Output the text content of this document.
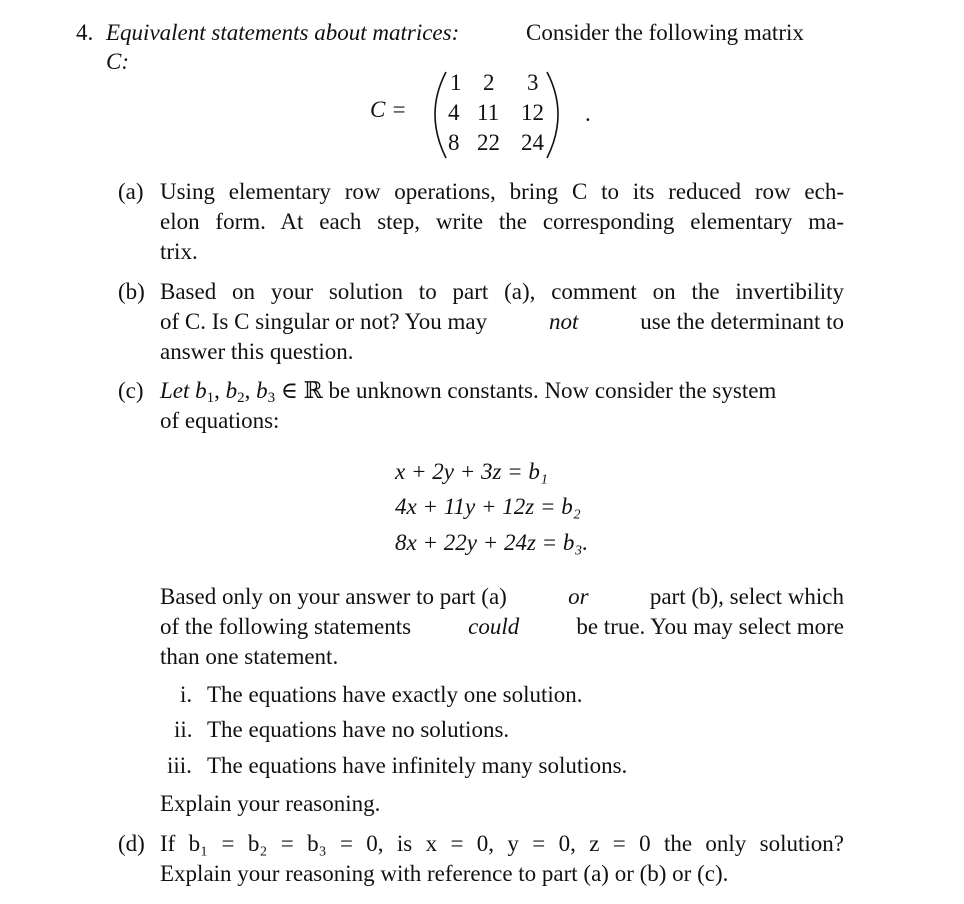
4. Equivalent statements about matrices:	Consider the following matrix
C:
C =
1 2 3
4 11 12
8 22 24
.
(a) Using elementary row operations, bring C to its reduced row ech-
elon form. At each step, write the corresponding elementary ma-
trix.
(b) Based on your solution to part (a), comment on the invertibility
of C. Is C singular or not? You may	not	use the determinant to
answer this question.
(c) Let $b_1$, $b_2$, $b_3$ ∈ ℝ be unknown constants. Now consider the system
of equations:
x + 2y + 3z = b₁
4x + 11y + 12z = b₂
8x + 22y + 24z = b₃.
Based only on your answer to part (a)	or	part (b), select which
of the following statements could be true. You may select more
than one statement.
i. The equations have exactly one solution.
ii. The equations have no solutions.
iii. The equations have infinitely many solutions.
Explain your reasoning.
(d) If b₁ = b₂ = b₃ = 0, is x = 0, y = 0, z = 0 the only solution?
Explain your reasoning with reference to part (a) or (b) or (c).
